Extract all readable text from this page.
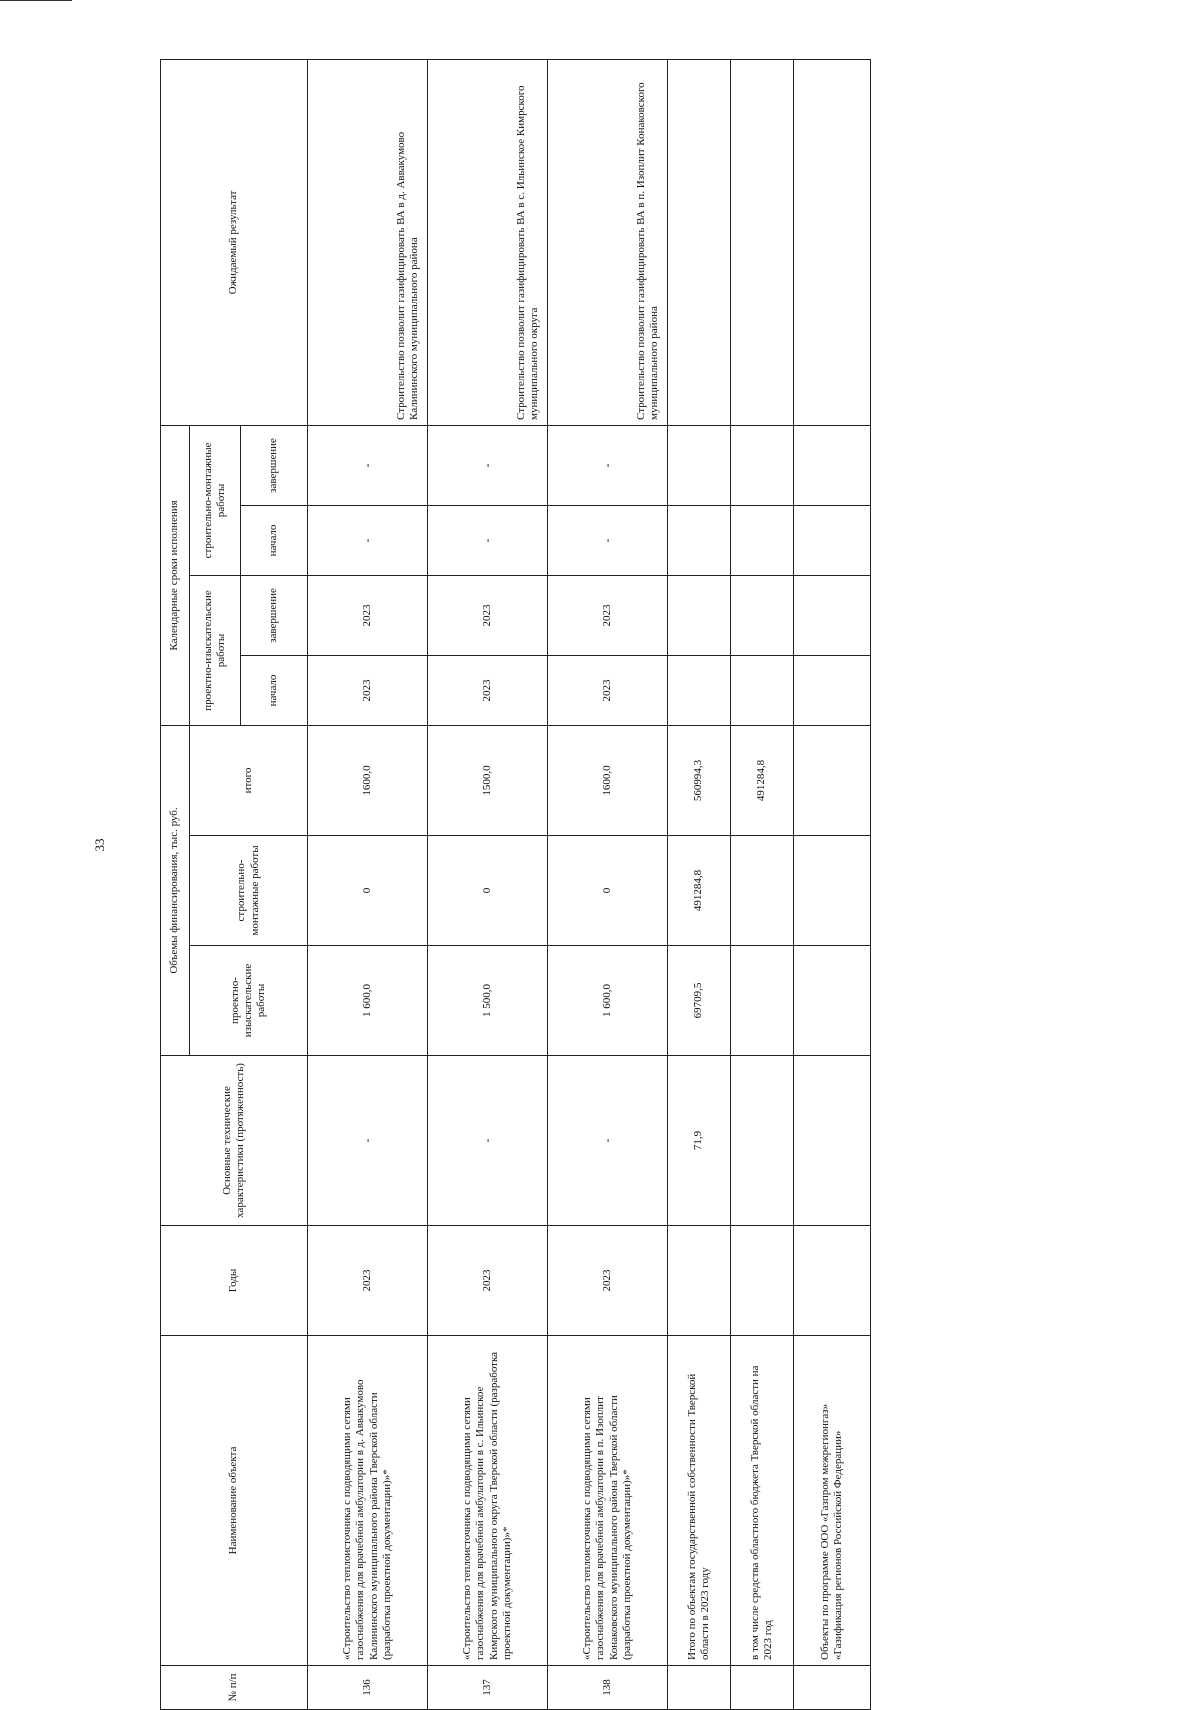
33
№ п/п	Наименование объекта	Годы	Основные технические характеристики (протяженность)	Объемы финансирования, тыс. руб.			Календарные сроки исполнения				Ожидаемый результат
				проектно-изыскательские работы	строительно-монтажные работы	итого	проектно-изыскательские работы		строительно-монтажные работы		
							начало	завершение	начало	завершение	
136	«Строительство теплоисточника с подводящими сетями газоснабжения для врачебной амбулатории в д. Аввакумово Калининского муниципального района Тверской области (разработка проектной документации)»*	2023	-	1 600,0	0	1600,0	2023	2023	-	-	Строительство позволит газифицировать ВА в д. Аввакумово Калининского муниципального района
137	«Строительство теплоисточника с подводящими сетями газоснабжения для врачебной амбулатории в с. Ильинское Кимрского муниципального округа Тверской области (разработка проектной документации)»*	2023	-	1 500,0	0	1500,0	2023	2023	-	-	Строительство позволит газифицировать ВА в с. Ильинское Кимрского муниципального округа
138	«Строительство теплоисточника с подводящими сетями газоснабжения для врачебной амбулатории в п. Изоплит Конаковского муниципального района Тверской области (разработка проектной документации)»*	2023	-	1 600,0	0	1600,0	2023	2023	-	-	Строительство позволит газифицировать ВА в п. Изоплит Конаковского муниципального района
	Итого по объектам государственной собственности Тверской области в 2023 году		71,9	69709,5	491284,8	560994,3					
	в том числе средства областного бюджета Тверской области на 2023 год					491284,8					
	Объекты по программе ООО «Газпром межрегионгаз» «Газификация регионов Российской Федерации»										
